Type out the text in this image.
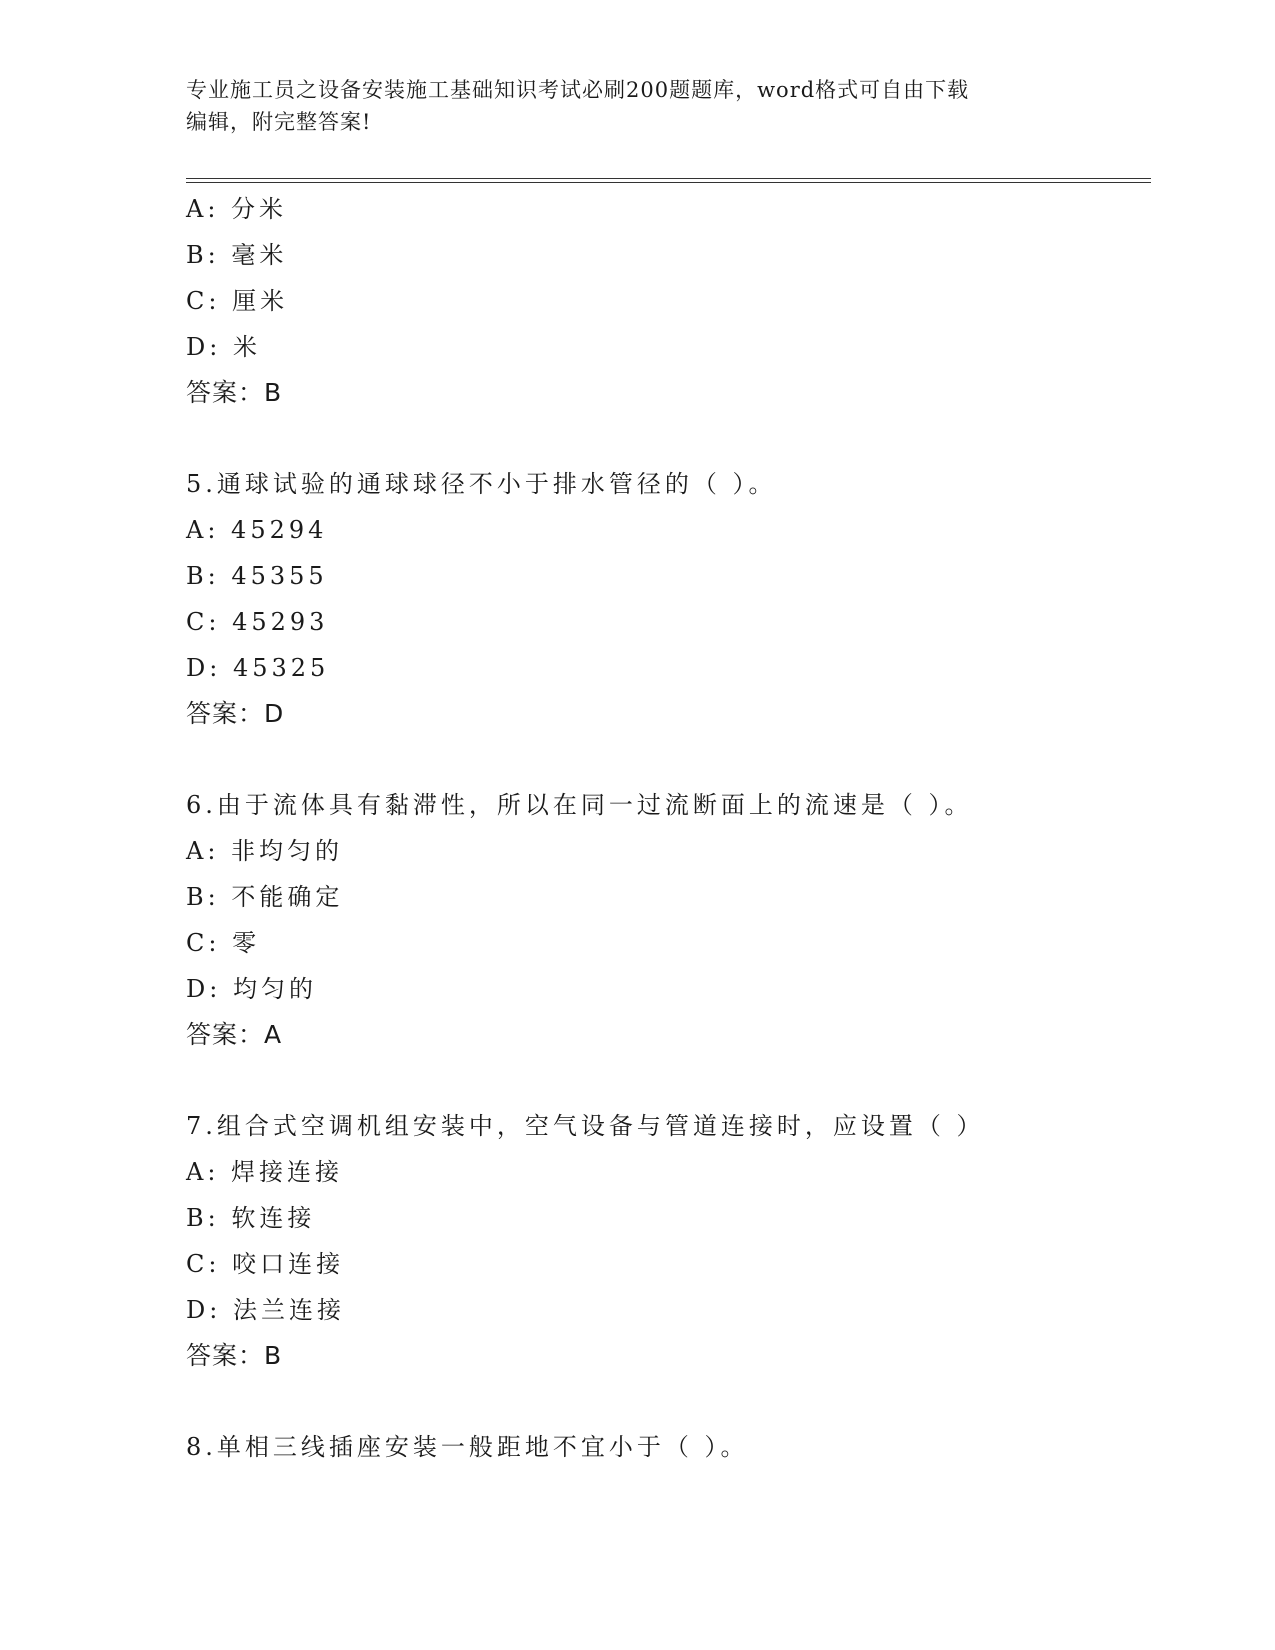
专业施工员之设备安装施工基础知识考试必刷200题题库，word格式可自由下载
编辑，附完整答案!
A: 分米
B: 毫米
C: 厘米
D: 米
答案：B
5.通球试验的通球球径不小于排水管径的（ ）。
A: 45294
B: 45355
C: 45293
D: 45325
答案：D
6.由于流体具有黏滞性，所以在同一过流断面上的流速是（ ）。
A: 非均匀的
B: 不能确定
C: 零
D: 均匀的
答案：A
7.组合式空调机组安装中，空气设备与管道连接时，应设置（ ）
A: 焊接连接
B: 软连接
C: 咬口连接
D: 法兰连接
答案：B
8.单相三线插座安装一般距地不宜小于（ ）。
